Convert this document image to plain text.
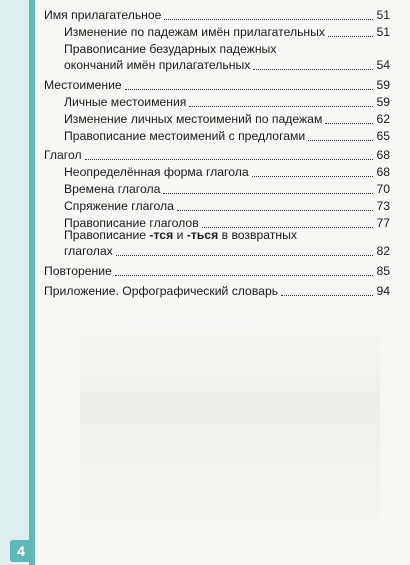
Имя прилагательное	51
Изменение по падежам имён прилагательных	51
Правописание безударных падежных
окончаний имён прилагательных	54
Местоимение	59
Личные местоимения	59
Изменение личных местоимений по падежам	62
Правописание местоимений с предлогами	65
Глагол	68
Неопределённая форма глагола	68
Времена глагола	70
Спряжение глагола	73
Правописание глаголов	77
Правописание -тся и -ться в возвратных
глаголах	82
Повторение	85
Приложение. Орфографический словарь	94
4
